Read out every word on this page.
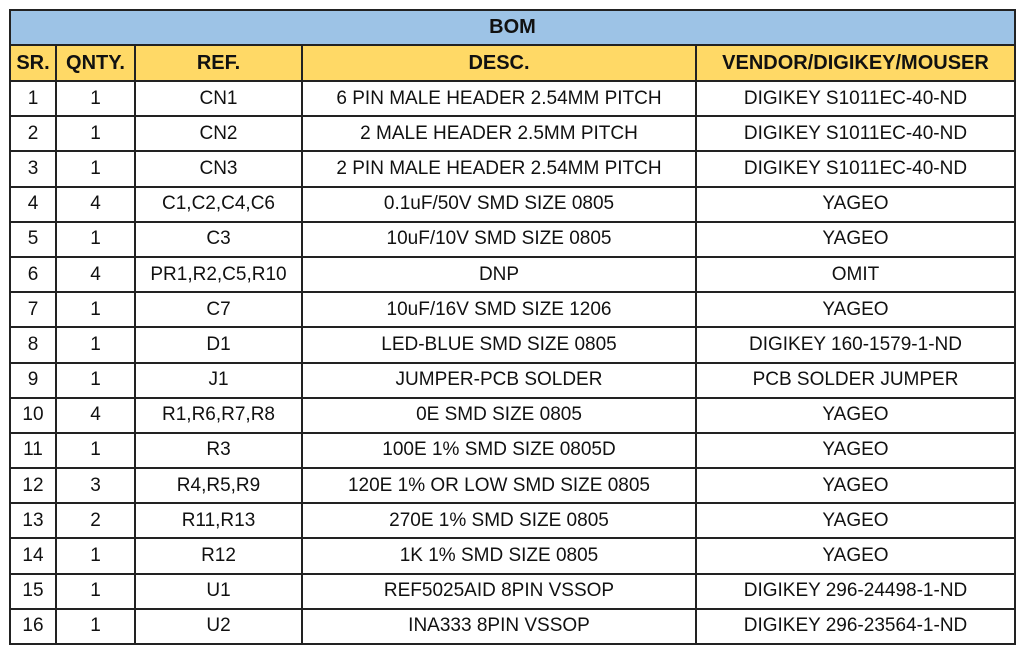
BOM				
SR.	QNTY.	REF.	DESC.	VENDOR/DIGIKEY/MOUSER
1	1	CN1	6 PIN MALE HEADER 2.54MM PITCH	DIGIKEY S1011EC-40-ND
2	1	CN2	2 MALE HEADER 2.5MM PITCH	DIGIKEY S1011EC-40-ND
3	1	CN3	2 PIN MALE HEADER 2.54MM PITCH	DIGIKEY S1011EC-40-ND
4	4	C1,C2,C4,C6	0.1uF/50V SMD SIZE 0805	YAGEO
5	1	C3	10uF/10V SMD SIZE 0805	YAGEO
6	4	PR1,R2,C5,R10	DNP	OMIT
7	1	C7	10uF/16V SMD SIZE 1206	YAGEO
8	1	D1	LED-BLUE SMD SIZE 0805	DIGIKEY 160-1579-1-ND
9	1	J1	JUMPER-PCB SOLDER	PCB SOLDER JUMPER
10	4	R1,R6,R7,R8	0E SMD SIZE 0805	YAGEO
11	1	R3	100E 1% SMD SIZE 0805D	YAGEO
12	3	R4,R5,R9	120E 1% OR LOW SMD SIZE 0805	YAGEO
13	2	R11,R13	270E 1% SMD SIZE 0805	YAGEO
14	1	R12	1K 1% SMD SIZE 0805	YAGEO
15	1	U1	REF5025AID 8PIN VSSOP	DIGIKEY 296-24498-1-ND
16	1	U2	INA333 8PIN VSSOP	DIGIKEY 296-23564-1-ND
